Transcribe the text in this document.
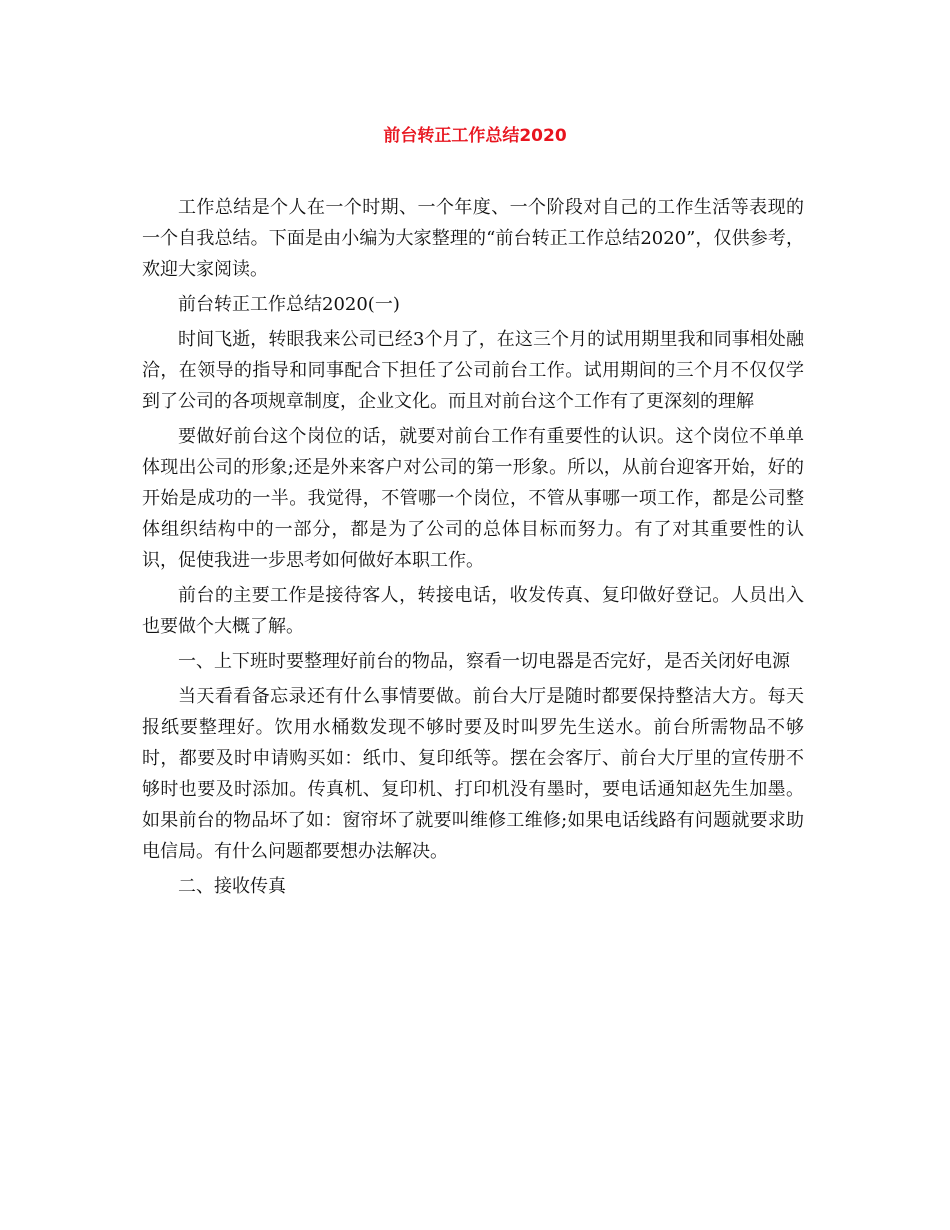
前台转正工作总结2020

工作总结是个人在一个时期、一个年度、一个阶段对自己的工作生活等表现的一个自我总结。下面是由小编为大家整理的“前台转正工作总结2020”，仅供参考，欢迎大家阅读。

前台转正工作总结2020(一)

时间飞逝，转眼我来公司已经3个月了，在这三个月的试用期里我和同事相处融洽，在领导的指导和同事配合下担任了公司前台工作。试用期间的三个月不仅仅学到了公司的各项规章制度，企业文化。而且对前台这个工作有了更深刻的理解

要做好前台这个岗位的话，就要对前台工作有重要性的认识。这个岗位不单单体现出公司的形象;还是外来客户对公司的第一形象。所以，从前台迎客开始，好的开始是成功的一半。我觉得，不管哪一个岗位，不管从事哪一项工作，都是公司整体组织结构中的一部分，都是为了公司的总体目标而努力。有了对其重要性的认识，促使我进一步思考如何做好本职工作。

前台的主要工作是接待客人，转接电话，收发传真、复印做好登记。人员出入也要做个大概了解。

一、上下班时要整理好前台的物品，察看一切电器是否完好，是否关闭好电源

当天看看备忘录还有什么事情要做。前台大厅是随时都要保持整洁大方。每天报纸要整理好。饮用水桶数发现不够时要及时叫罗先生送水。前台所需物品不够时，都要及时申请购买如：纸巾、复印纸等。摆在会客厅、前台大厅里的宣传册不够时也要及时添加。传真机、复印机、打印机没有墨时，要电话通知赵先生加墨。如果前台的物品坏了如：窗帘坏了就要叫维修工维修;如果电话线路有问题就要求助电信局。有什么问题都要想办法解决。

二、接收传真
